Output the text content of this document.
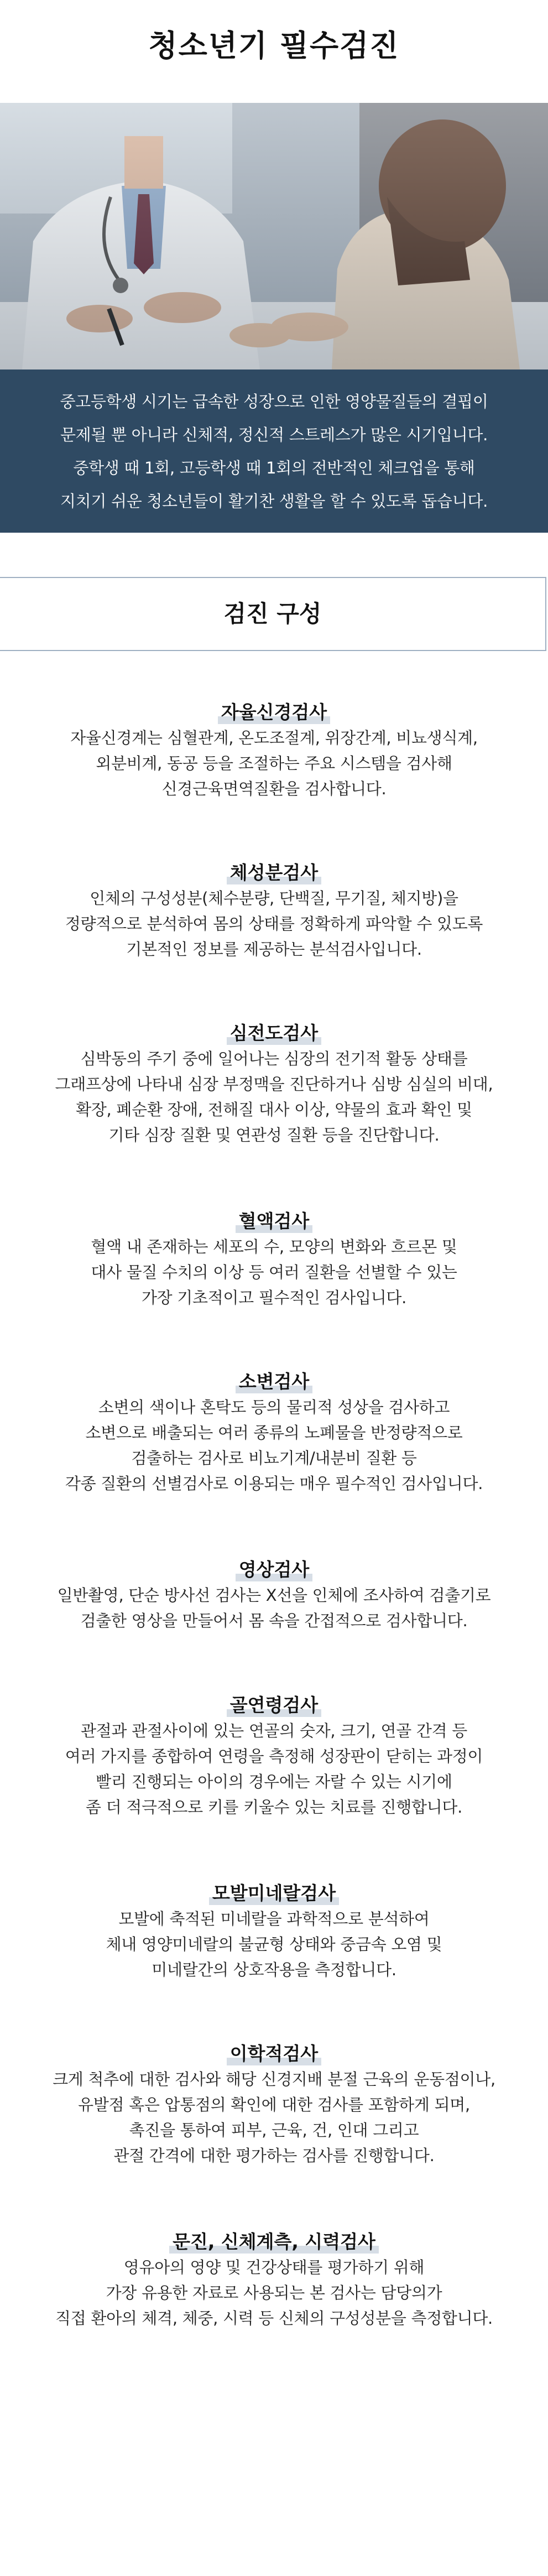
청소년기 필수검진
중고등학생 시기는 급속한 성장으로 인한 영양물질들의 결핍이
문제될 뿐 아니라 신체적, 정신적 스트레스가 많은 시기입니다.
중학생 때 1회, 고등학생 때 1회의 전반적인 체크업을 통해
지치기 쉬운 청소년들이 활기찬 생활을 할 수 있도록 돕습니다.
검진 구성
자율신경검사
자율신경계는 심혈관계, 온도조절계, 위장간계, 비뇨생식계,
외분비계, 동공 등을 조절하는 주요 시스템을 검사해
신경근육면역질환을 검사합니다.
체성분검사
인체의 구성성분(체수분량, 단백질, 무기질, 체지방)을
정량적으로 분석하여 몸의 상태를 정확하게 파악할 수 있도록
기본적인 정보를 제공하는 분석검사입니다.
심전도검사
심박동의 주기 중에 일어나는 심장의 전기적 활동 상태를
그래프상에 나타내 심장 부정맥을 진단하거나 심방 심실의 비대,
확장, 폐순환 장애, 전해질 대사 이상, 약물의 효과 확인 및
기타 심장 질환 및 연관성 질환 등을 진단합니다.
혈액검사
혈액 내 존재하는 세포의 수, 모양의 변화와 흐르몬 및
대사 물질 수치의 이상 등 여러 질환을 선별할 수 있는
가장 기초적이고 필수적인 검사입니다.
소변검사
소변의 색이나 혼탁도 등의 물리적 성상을 검사하고
소변으로 배출되는 여러 종류의 노폐물을 반정량적으로
검출하는 검사로 비뇨기계/내분비 질환 등
각종 질환의 선별검사로 이용되는 매우 필수적인 검사입니다.
영상검사
일반촬영, 단순 방사선 검사는 X선을 인체에 조사하여 검출기로
검출한 영상을 만들어서 몸 속을 간접적으로 검사합니다.
골연령검사
관절과 관절사이에 있는 연골의 숫자, 크기, 연골 간격 등
여러 가지를 종합하여 연령을 측정해 성장판이 닫히는 과정이
빨리 진행되는 아이의 경우에는 자랄 수 있는 시기에
좀 더 적극적으로 키를 키울수 있는 치료를 진행합니다.
모발미네랄검사
모발에 축적된 미네랄을 과학적으로 분석하여
체내 영양미네랄의 불균형 상태와 중금속 오염 및
미네랄간의 상호작용을 측정합니다.
이학적검사
크게 척추에 대한 검사와 해당 신경지배 분절 근육의 운동점이나,
유발점 혹은 압통점의 확인에 대한 검사를 포함하게 되며,
촉진을 통하여 피부, 근육, 건, 인대 그리고
관절 간격에 대한 평가하는 검사를 진행합니다.
문진, 신체계측, 시력검사
영유아의 영양 및 건강상태를 평가하기 위해
가장 유용한 자료로 사용되는 본 검사는 담당의가
직접 환아의 체격, 체중, 시력 등 신체의 구성성분을 측정합니다.
